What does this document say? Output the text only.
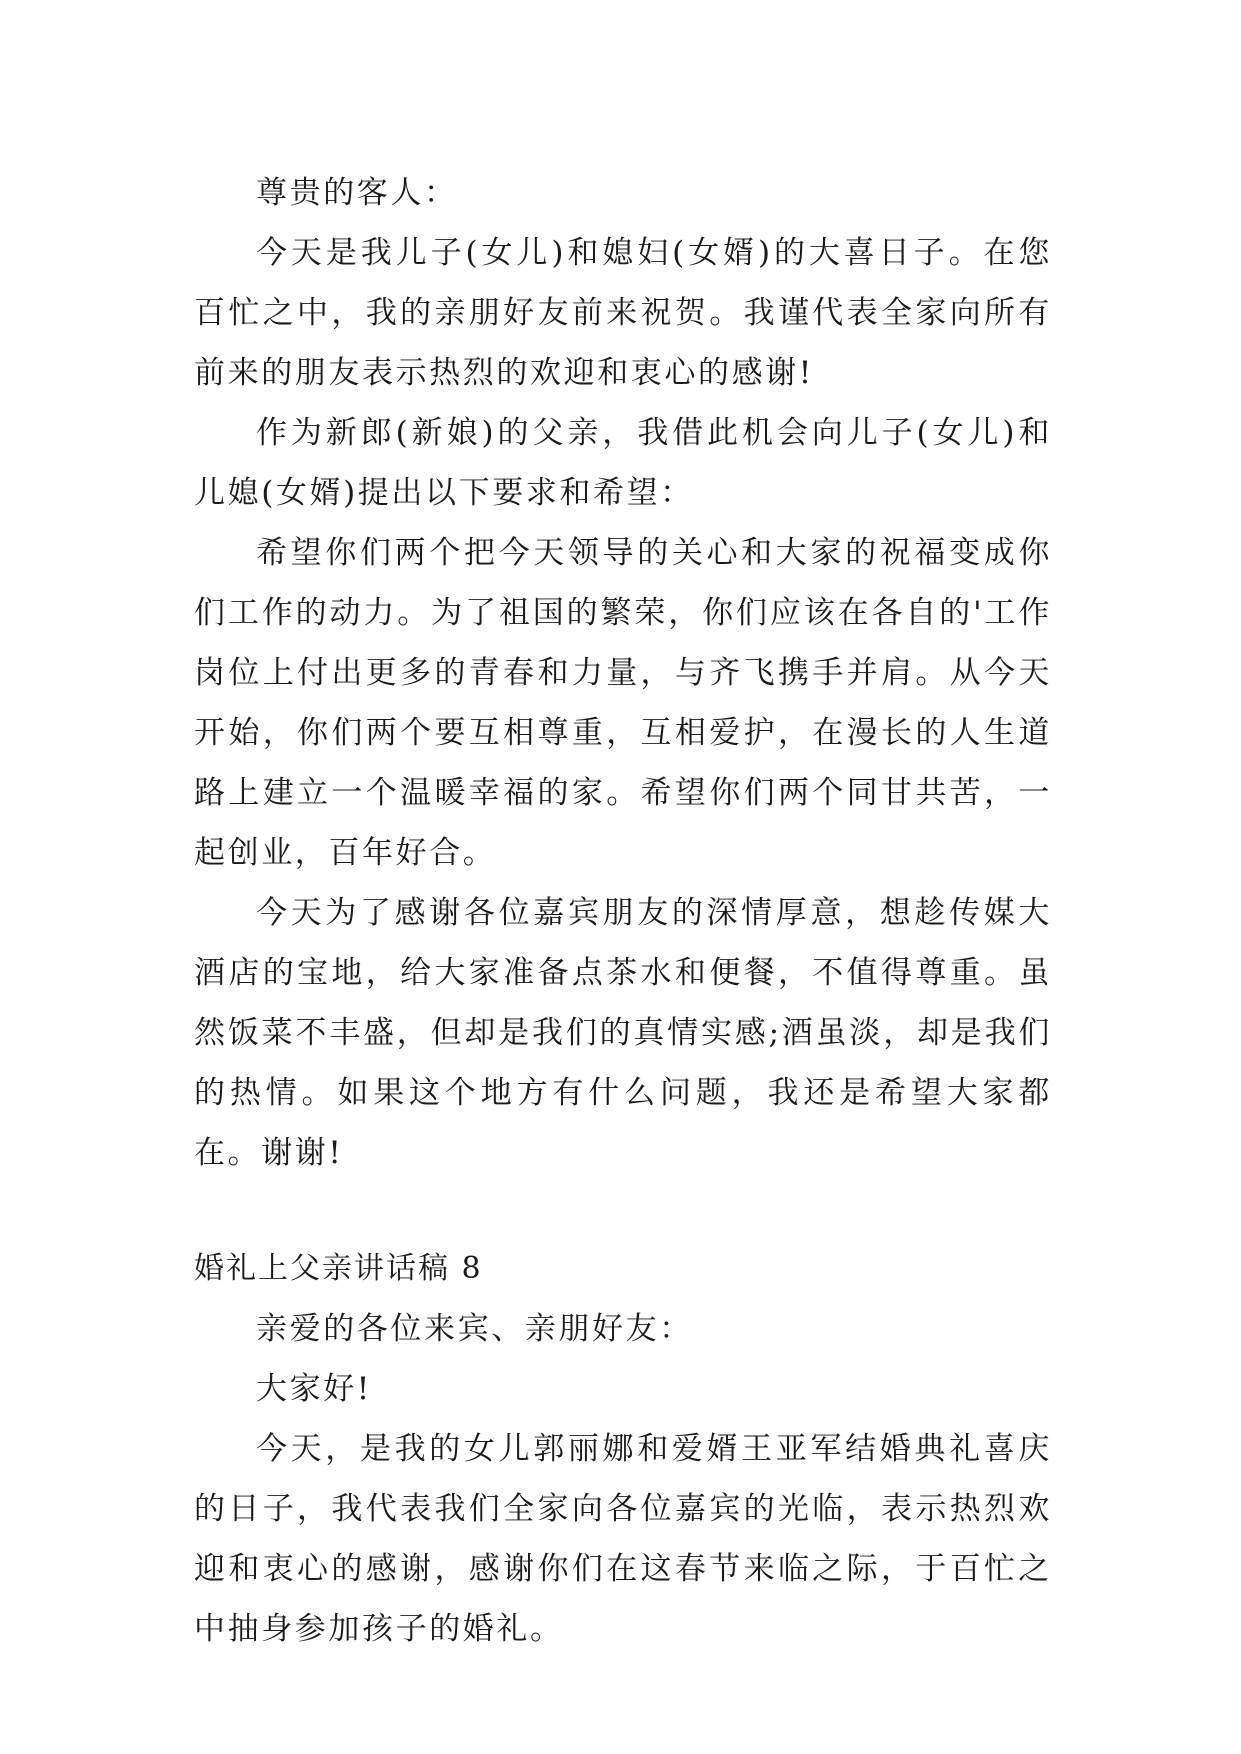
尊贵的客人：

今天是我儿子(女儿)和媳妇(女婿)的大喜日子。在您百忙之中，我的亲朋好友前来祝贺。我谨代表全家向所有前来的朋友表示热烈的欢迎和衷心的感谢!

作为新郎(新娘)的父亲，我借此机会向儿子(女儿)和儿媳(女婿)提出以下要求和希望：

希望你们两个把今天领导的关心和大家的祝福变成你们工作的动力。为了祖国的繁荣，你们应该在各自的'工作岗位上付出更多的青春和力量，与齐飞携手并肩。从今天开始，你们两个要互相尊重，互相爱护，在漫长的人生道路上建立一个温暖幸福的家。希望你们两个同甘共苦，一起创业，百年好合。

今天为了感谢各位嘉宾朋友的深情厚意，想趁传媒大酒店的宝地，给大家准备点茶水和便餐，不值得尊重。虽然饭菜不丰盛，但却是我们的真情实感;酒虽淡，却是我们的热情。如果这个地方有什么问题，我还是希望大家都在。谢谢!

婚礼上父亲讲话稿 8

亲爱的各位来宾、亲朋好友：

大家好!

今天，是我的女儿郭丽娜和爱婿王亚军结婚典礼喜庆的日子，我代表我们全家向各位嘉宾的光临，表示热烈欢迎和衷心的感谢，感谢你们在这春节来临之际，于百忙之中抽身参加孩子的婚礼。
